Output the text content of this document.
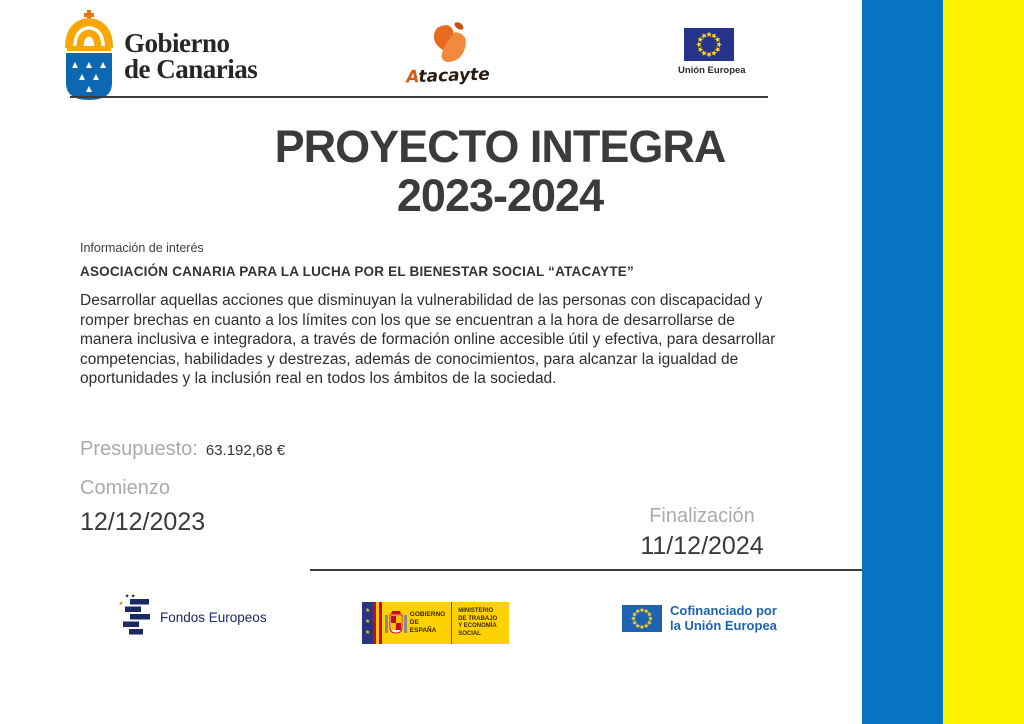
Gobierno
de Canarias	Atacayte	Unión Europea
PROYECTO INTEGRA
2023-2024
Información de interés
ASOCIACIÓN CANARIA PARA LA LUCHA POR EL BIENESTAR SOCIAL “ATACAYTE”
Desarrollar aquellas acciones que disminuyan la vulnerabilidad de las personas con discapacidad y romper brechas en cuanto a los límites con los que se encuentran a la hora de desarrollarse de manera inclusiva e integradora, a través de formación online accesible útil y efectiva, para desarrollar competencias, habilidades y destrezas, además de conocimientos, para alcanzar la igualdad de oportunidades y la inclusión real en todos los ámbitos de la sociedad.
Presupuesto: 63.192,68 €
Comienzo
12/12/2023	Finalización
11/12/2024
Fondos Europeos	★
★
★
GOBIERNO
DE ESPAÑA
MINISTERIO
DE TRABAJO
Y ECONOMÍA SOCIAL
Cofinanciado por
la Unión Europea
